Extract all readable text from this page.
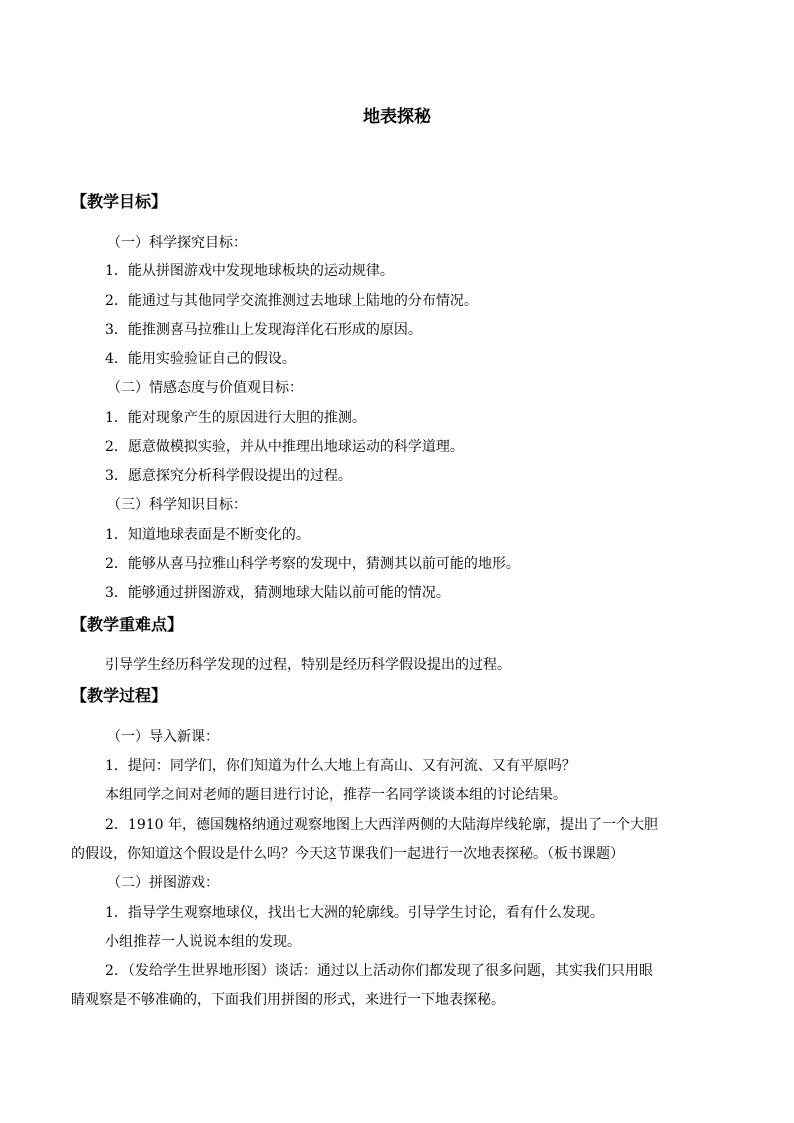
地表探秘
【教学目标】
（一）科学探究目标：
1．能从拼图游戏中发现地球板块的运动规律。
2．能通过与其他同学交流推测过去地球上陆地的分布情况。
3．能推测喜马拉雅山上发现海洋化石形成的原因。
4．能用实验验证自己的假设。
（二）情感态度与价值观目标：
1．能对现象产生的原因进行大胆的推测。
2．愿意做模拟实验，并从中推理出地球运动的科学道理。
3．愿意探究分析科学假设提出的过程。
（三）科学知识目标：
1．知道地球表面是不断变化的。
2．能够从喜马拉雅山科学考察的发现中，猜测其以前可能的地形。
3．能够通过拼图游戏，猜测地球大陆以前可能的情况。
【教学重难点】
引导学生经历科学发现的过程，特别是经历科学假设提出的过程。
【教学过程】
（一）导入新课：
1．提问：同学们，你们知道为什么大地上有高山、又有河流、又有平原吗？
本组同学之间对老师的题目进行讨论，推荐一名同学谈谈本组的讨论结果。
2．1910 年，德国魏格纳通过观察地图上大西洋两侧的大陆海岸线轮廓，提出了一个大胆
的假设，你知道这个假设是什么吗？今天这节课我们一起进行一次地表探秘。（板书课题）
（二）拼图游戏：
1．指导学生观察地球仪，找出七大洲的轮廓线。引导学生讨论，看有什么发现。
小组推荐一人说说本组的发现。
2．（发给学生世界地形图）谈话：通过以上活动你们都发现了很多问题，其实我们只用眼
睛观察是不够准确的，下面我们用拼图的形式，来进行一下地表探秘。
